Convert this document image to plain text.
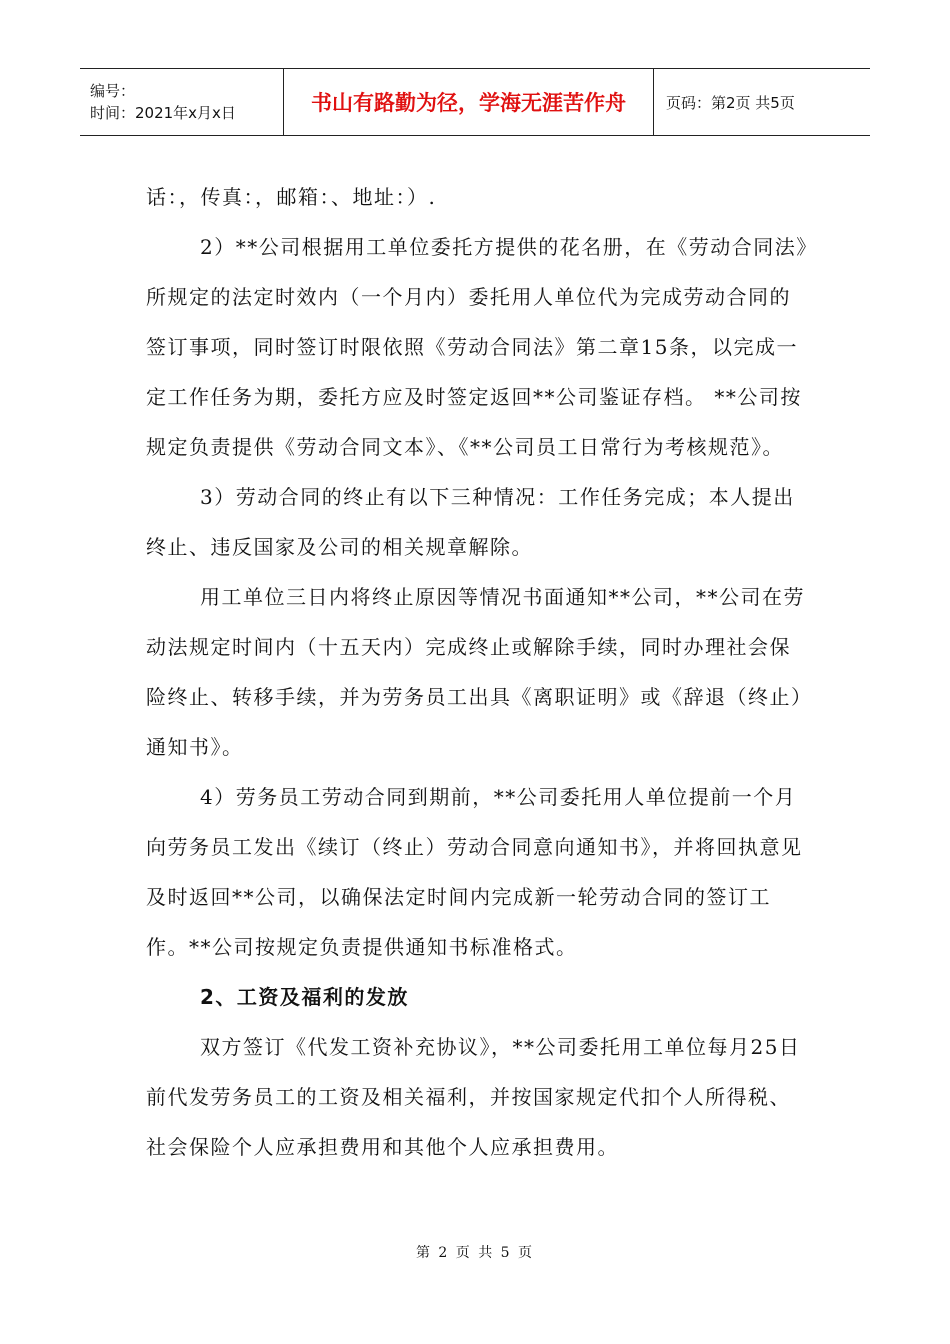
编号：
时间：2021年x月x日	书山有路勤为径，学海无涯苦作舟	页码：第2页 共5页

话：，传真：，邮箱：、地址：）.

2）**公司根据用工单位委托方提供的花名册，在《劳动合同法》所规定的法定时效内（一个月内）委托用人单位代为完成劳动合同的签订事项，同时签订时限依照《劳动合同法》第二章15条，以完成一定工作任务为期，委托方应及时签定返回**公司鉴证存档。 **公司按规定负责提供《劳动合同文本》、《**公司员工日常行为考核规范》。

3）劳动合同的终止有以下三种情况：工作任务完成；本人提出终止、违反国家及公司的相关规章解除。

用工单位三日内将终止原因等情况书面通知**公司，**公司在劳动法规定时间内（十五天内）完成终止或解除手续，同时办理社会保险终止、转移手续，并为劳务员工出具《离职证明》或《辞退（终止）通知书》。

4）劳务员工劳动合同到期前，**公司委托用人单位提前一个月向劳务员工发出《续订（终止）劳动合同意向通知书》，并将回执意见及时返回**公司，以确保法定时间内完成新一轮劳动合同的签订工作。**公司按规定负责提供通知书标准格式。

2、工资及福利的发放

双方签订《代发工资补充协议》，**公司委托用工单位每月25日前代发劳务员工的工资及相关福利，并按国家规定代扣个人所得税、社会保险个人应承担费用和其他个人应承担费用。

第 2 页 共 5 页
